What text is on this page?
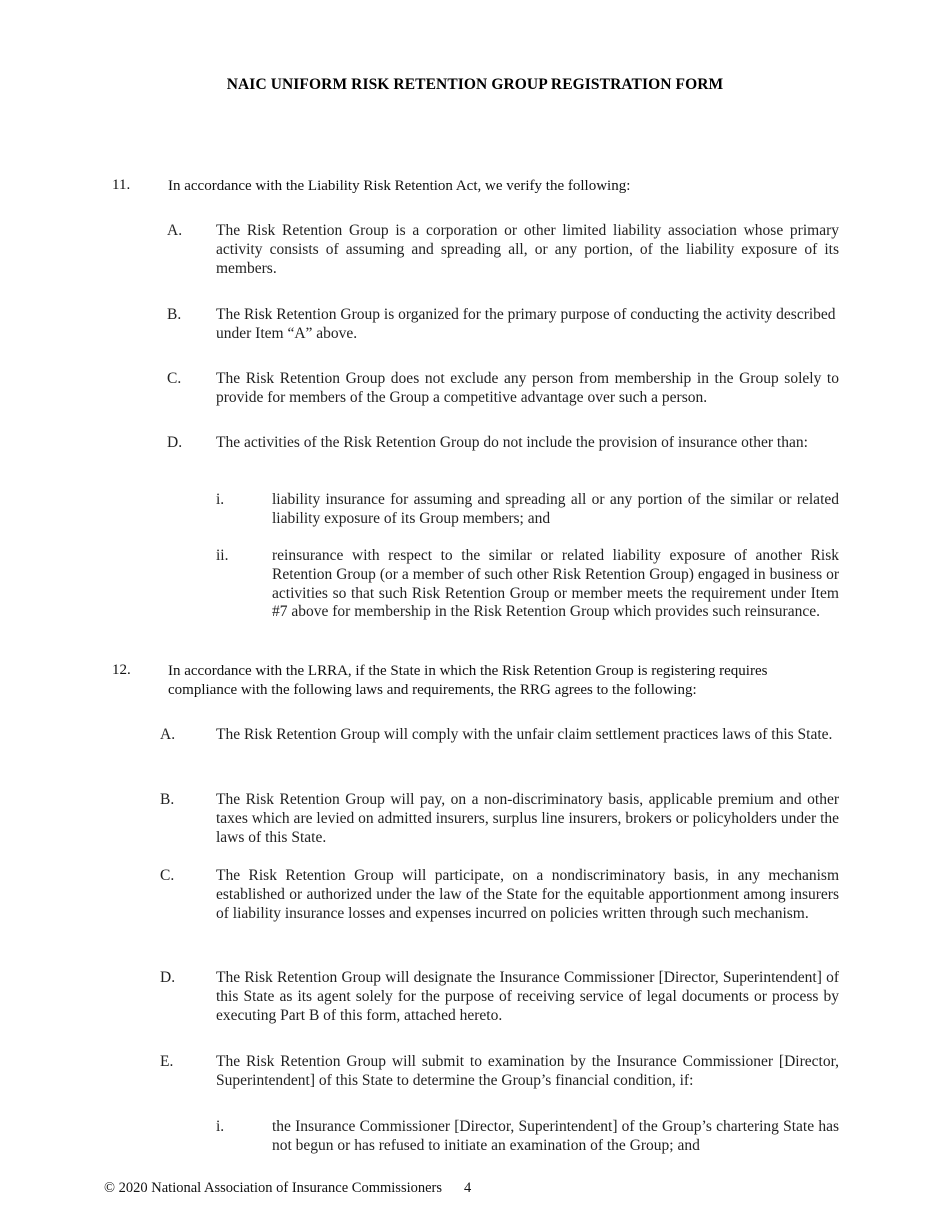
NAIC UNIFORM RISK RETENTION GROUP REGISTRATION FORM
11.	In accordance with the Liability Risk Retention Act, we verify the following:
A. The Risk Retention Group is a corporation or other limited liability association whose primary activity consists of assuming and spreading all, or any portion, of the liability exposure of its members.
B. The Risk Retention Group is organized for the primary purpose of conducting the activity described under Item “A” above.
C. The Risk Retention Group does not exclude any person from membership in the Group solely to provide for members of the Group a competitive advantage over such a person.
D. The activities of the Risk Retention Group do not include the provision of insurance other than:
i.	liability insurance for assuming and spreading all or any portion of the similar or related liability exposure of its Group members; and
ii.	reinsurance with respect to the similar or related liability exposure of another Risk Retention Group (or a member of such other Risk Retention Group) engaged in business or activities so that such Risk Retention Group or member meets the requirement under Item #7 above for membership in the Risk Retention Group which provides such reinsurance.
12. In accordance with the LRRA, if the State in which the Risk Retention Group is registering requires compliance with the following laws and requirements, the RRG agrees to the following:
A.	The Risk Retention Group will comply with the unfair claim settlement practices laws of this State.
B.	The Risk Retention Group will pay, on a non-discriminatory basis, applicable premium and other taxes which are levied on admitted insurers, surplus line insurers, brokers or policyholders under the laws of this State.
C.	The Risk Retention Group will participate, on a nondiscriminatory basis, in any mechanism established or authorized under the law of the State for the equitable apportionment among insurers of liability insurance losses and expenses incurred on policies written through such mechanism.
D.	The Risk Retention Group will designate the Insurance Commissioner [Director, Superintendent] of this State as its agent solely for the purpose of receiving service of legal documents or process by executing Part B of this form, attached hereto.
E.	The Risk Retention Group will submit to examination by the Insurance Commissioner [Director, Superintendent] of this State to determine the Group’s financial condition, if:
i.	the Insurance Commissioner [Director, Superintendent] of the Group’s chartering State has not begun or has refused to initiate an examination of the Group; and
© 2020 National Association of Insurance Commissioners 4
